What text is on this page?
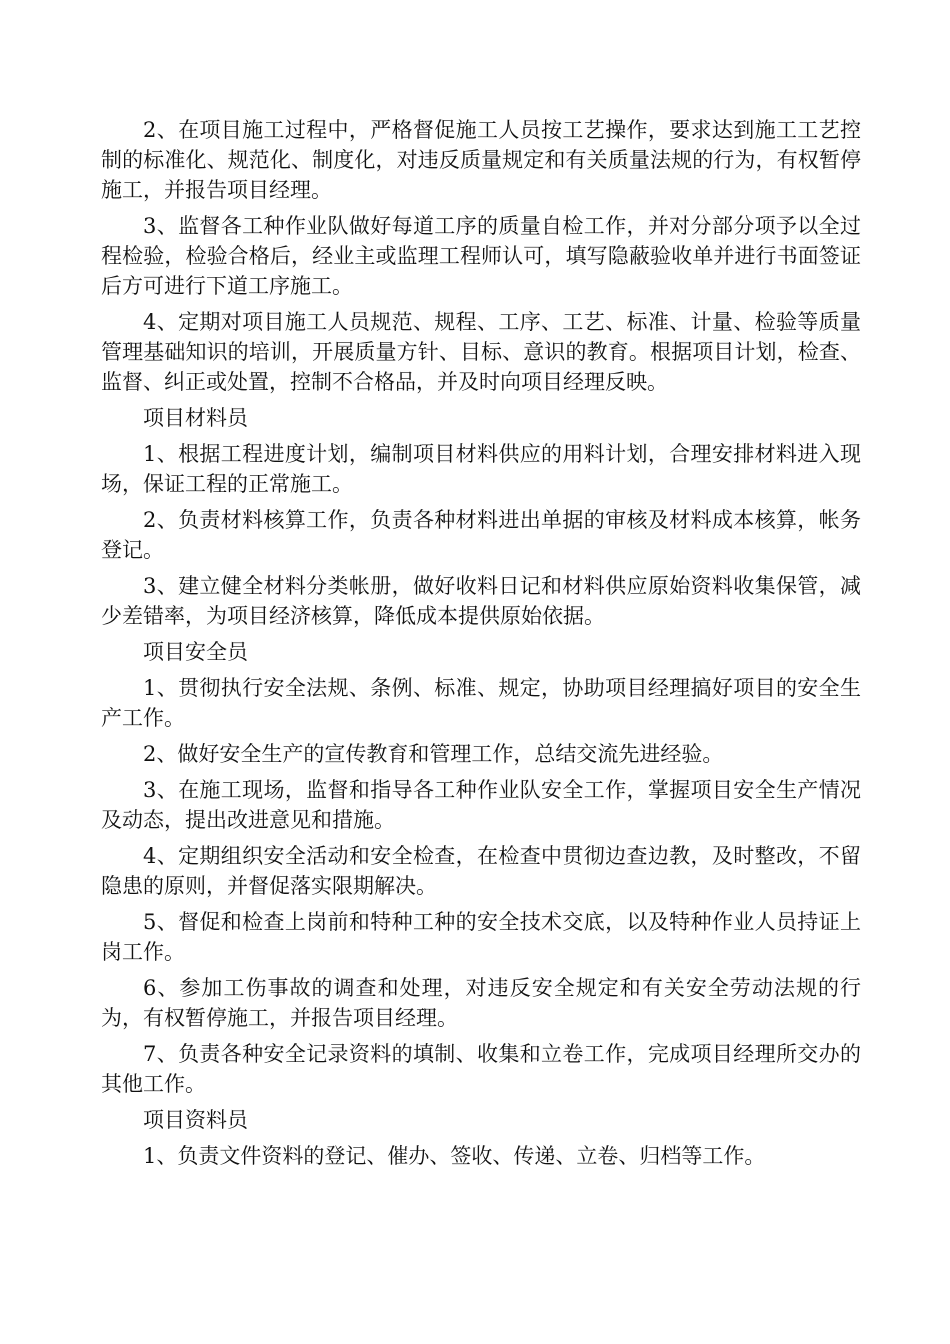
2、在项目施工过程中，严格督促施工人员按工艺操作，要求达到施工工艺控制的标准化、规范化、制度化，对违反质量规定和有关质量法规的行为，有权暂停施工，并报告项目经理。

3、监督各工种作业队做好每道工序的质量自检工作，并对分部分项予以全过程检验，检验合格后，经业主或监理工程师认可，填写隐蔽验收单并进行书面签证后方可进行下道工序施工。

4、定期对项目施工人员规范、规程、工序、工艺、标准、计量、检验等质量管理基础知识的培训，开展质量方针、目标、意识的教育。根据项目计划，检查、监督、纠正或处置，控制不合格品，并及时向项目经理反映。

项目材料员

1、根据工程进度计划，编制项目材料供应的用料计划，合理安排材料进入现场，保证工程的正常施工。

2、负责材料核算工作，负责各种材料进出单据的审核及材料成本核算，帐务登记。

3、建立健全材料分类帐册，做好收料日记和材料供应原始资料收集保管，减少差错率，为项目经济核算，降低成本提供原始依据。

项目安全员

1、贯彻执行安全法规、条例、标准、规定，协助项目经理搞好项目的安全生产工作。

2、做好安全生产的宣传教育和管理工作，总结交流先进经验。

3、在施工现场，监督和指导各工种作业队安全工作，掌握项目安全生产情况及动态，提出改进意见和措施。

4、定期组织安全活动和安全检查，在检查中贯彻边查边教，及时整改，不留隐患的原则，并督促落实限期解决。

5、督促和检查上岗前和特种工种的安全技术交底，以及特种作业人员持证上岗工作。

6、参加工伤事故的调查和处理，对违反安全规定和有关安全劳动法规的行为，有权暂停施工，并报告项目经理。

7、负责各种安全记录资料的填制、收集和立卷工作，完成项目经理所交办的其他工作。

项目资料员

1、负责文件资料的登记、催办、签收、传递、立卷、归档等工作。
